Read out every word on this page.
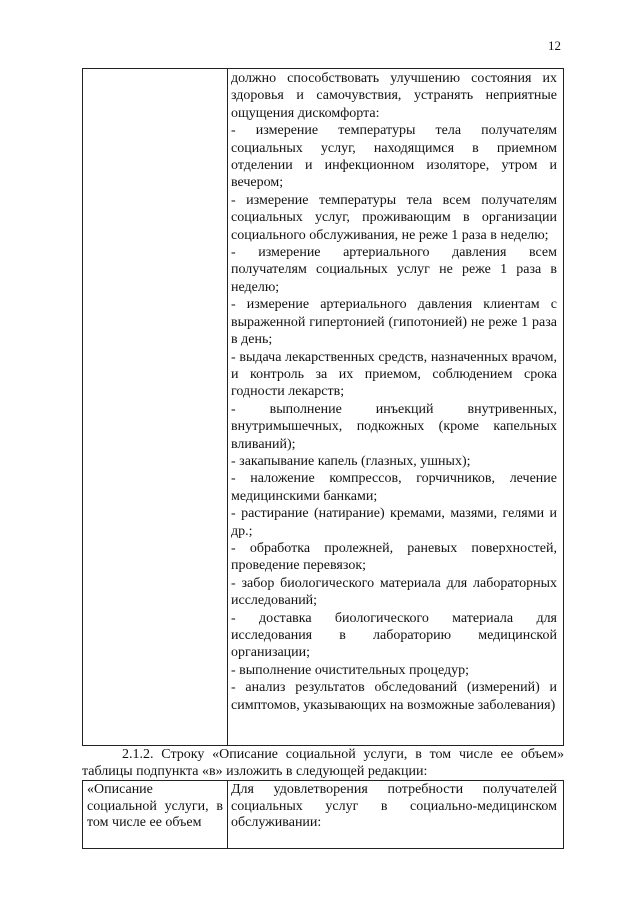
12

должно способствовать улучшению состояния их здоровья и самочувствия, устранять неприятные ощущения дискомфорта:

- измерение температуры тела получателям социальных услуг, находящимся в приемном отделении и инфекционном изоляторе, утром и вечером;

- измерение температуры тела всем получателям социальных услуг, проживающим в организации социального обслуживания, не реже 1 раза в неделю;

- измерение артериального давления всем получателям социальных услуг не реже 1 раза в неделю;

- измерение артериального давления клиентам с выраженной гипертонией (гипотонией) не реже 1 раза в день;

- выдача лекарственных средств, назначенных врачом, и контроль за их приемом, соблюдением срока годности лекарств;

- выполнение инъекций внутривенных, внутримышечных, подкожных (кроме капельных вливаний);

- закапывание капель (глазных, ушных);

- наложение компрессов, горчичников, лечение медицинскими банками;

- растирание (натирание) кремами, мазями, гелями и др.;

- обработка пролежней, раневых поверхностей, проведение перевязок;

- забор биологического материала для лабораторных исследований;

- доставка биологического материала для исследования в лабораторию медицинской организации;

- выполнение очистительных процедур;

- анализ результатов обследований (измерений) и симптомов, указывающих на возможные заболевания)

2.1.2. Строку «Описание социальной услуги, в том числе ее объем» таблицы подпункта «в» изложить в следующей редакции:

«Описание социальной услуги, в том числе ее объем
Для удовлетворения потребности получателей социальных услуг в социально-медицинском обслуживании:
